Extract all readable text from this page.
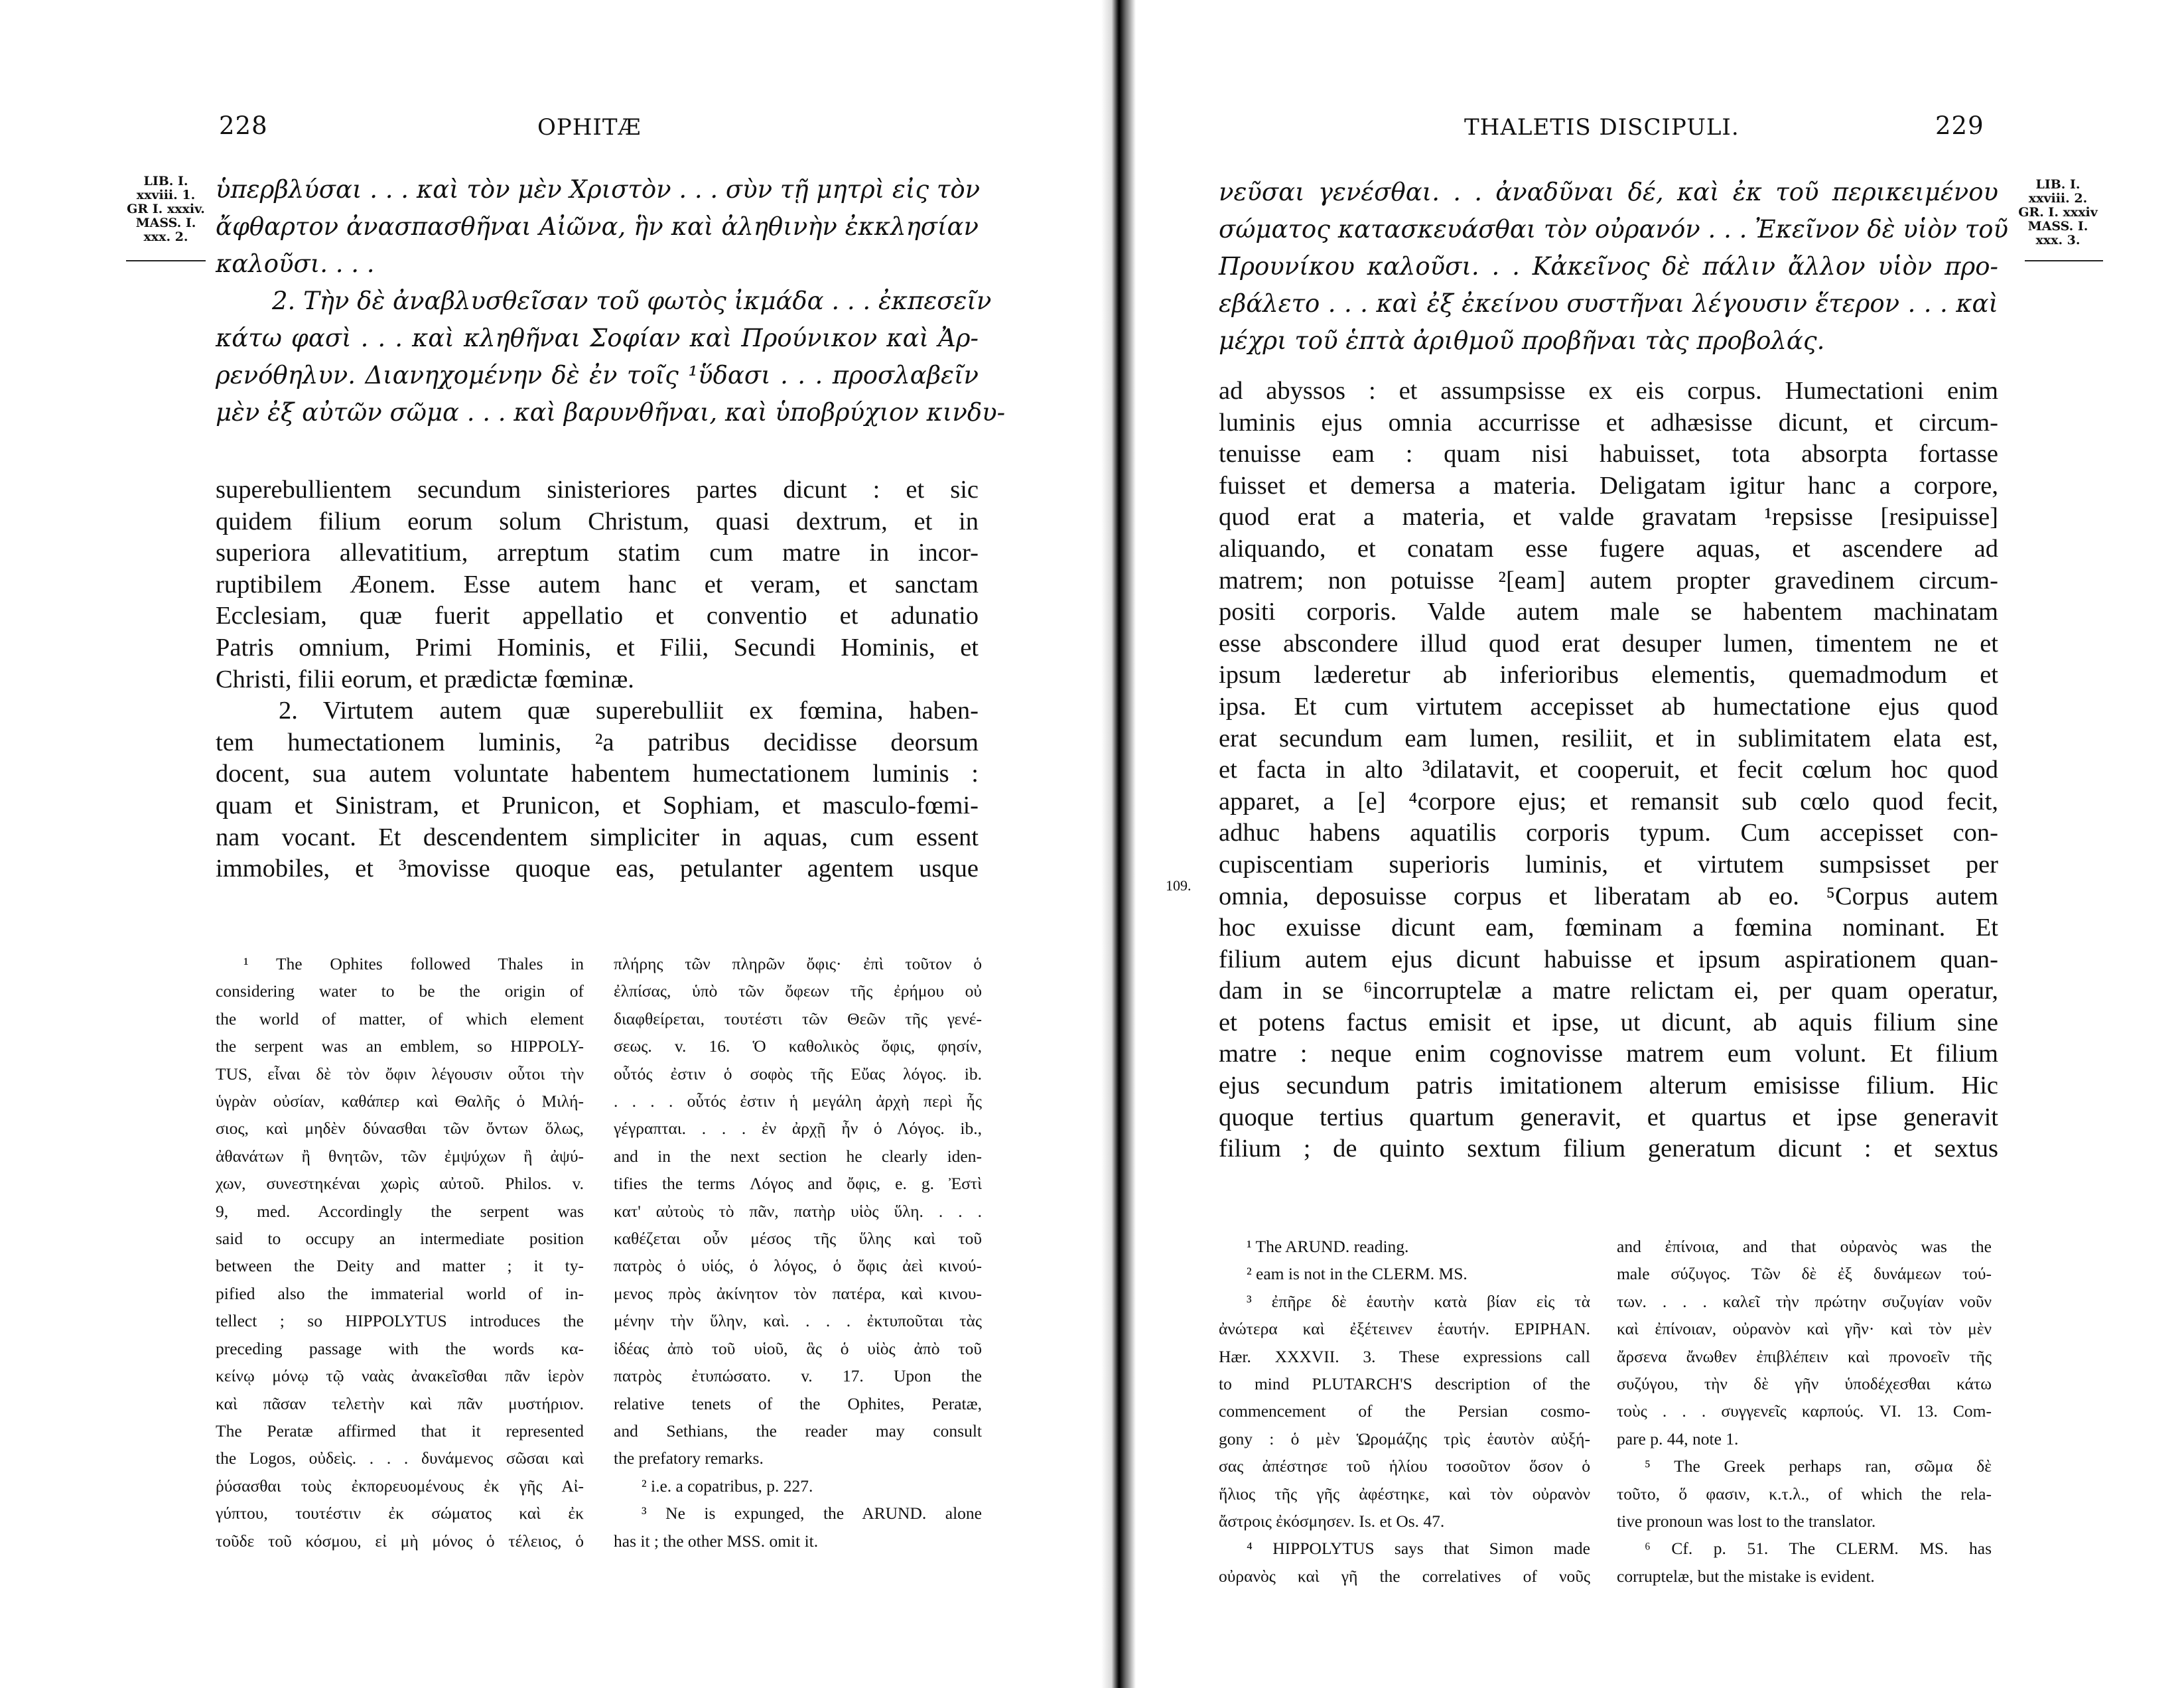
228	OPHITÆ
LIB. I.
xxviii. 1.
GR I. xxxiv.
MASS. I.
xxx. 2.
ὑπερβλύσαι . . . καὶ τὸν μὲν Χριστὸν . . . σὺν τῇ μητρὶ εἰς τὸν
ἄφθαρτον ἀνασπασθῆναι Αἰῶνα, ἣν καὶ ἀληθινὴν ἐκκλησίαν
καλοῦσι. . . .
2. Τὴν δὲ ἀναβλυσθεῖσαν τοῦ φωτὸς ἰκμάδα . . . ἐκπεσεῖν
κάτω φασὶ . . . καὶ κληθῆναι Σοφίαν καὶ Προύνικον καὶ Ἀρ-
ρενόθηλυν. Διανηχομένην δὲ ἐν τοῖς ¹ὕδασι . . . προσλαβεῖν
μὲν ἐξ αὐτῶν σῶμα . . . καὶ βαρυνθῆναι, καὶ ὑποβρύχιον κινδυ-
superebullientem secundum sinisteriores partes dicunt : et sic
quidem filium eorum solum Christum, quasi dextrum, et in
superiora allevatitium, arreptum statim cum matre in incor-
ruptibilem Æonem. Esse autem hanc et veram, et sanctam
Ecclesiam, quæ fuerit appellatio et conventio et adunatio
Patris omnium, Primi Hominis, et Filii, Secundi Hominis, et
Christi, filii eorum, et prædictæ fœminæ.
2. Virtutem autem quæ superebulliit ex fœmina, haben-
tem humectationem luminis, ²a patribus decidisse deorsum
docent, sua autem voluntate habentem humectationem luminis :
quam et Sinistram, et Prunicon, et Sophiam, et masculo-fœmi-
nam vocant. Et descendentem simpliciter in aquas, cum essent
immobiles, et ³movisse quoque eas, petulanter agentem usque
¹ The Ophites followed Thales in
considering water to be the origin of
the world of matter, of which element
the serpent was an emblem, so HIPPOLY-
TUS, εἶναι δὲ τὸν ὄφιν λέγουσιν οὗτοι τὴν
ὑγρὰν οὐσίαν, καθάπερ καὶ Θαλῆς ὁ Μιλή-
σιος, καὶ μηδὲν δύνασθαι τῶν ὄντων ὅλως,
ἀθανάτων ἢ θνητῶν, τῶν ἐμψύχων ἢ ἀψύ-
χων, συνεστηκέναι χωρὶς αὐτοῦ. Philos. v.
9, med. Accordingly the serpent was
said to occupy an intermediate position
between the Deity and matter ; it ty-
pified also the immaterial world of in-
tellect ; so HIPPOLYTUS introduces the
preceding passage with the words κα-
κείνῳ μόνῳ τῷ ναὰς ἀνακεῖσθαι πᾶν ἱερὸν
καὶ πᾶσαν τελετὴν καὶ πᾶν μυστήριον.
The Peratæ affirmed that it represented
the Logos, οὐδεὶς. . . . δυνάμενος σῶσαι καὶ
ῥύσασθαι τοὺς ἐκπορευομένους ἐκ γῆς Αἰ-
γύπτου, τουτέστιν ἐκ σώματος καὶ ἐκ
τοῦδε τοῦ κόσμου, εἰ μὴ μόνος ὁ τέλειος, ὁ
πλήρης τῶν πληρῶν ὄφις· ἐπὶ τοῦτον ὁ
ἐλπίσας, ὑπὸ τῶν ὄφεων τῆς ἐρήμου οὐ
διαφθείρεται, τουτέστι τῶν Θεῶν τῆς γενέ-
σεως. v. 16. Ὁ καθολικὸς ὄφις, φησίν,
οὗτός ἐστιν ὁ σοφὸς τῆς Εὔας λόγος. ib.
. . . . οὗτός ἐστιν ἡ μεγάλη ἀρχὴ περὶ ἧς
γέγραπται. . . . ἐν ἀρχῇ ἦν ὁ Λόγος. ib.,
and in the next section he clearly iden-
tifies the terms Λόγος and ὄφις, e. g. Ἐστὶ
κατ' αὐτοὺς τὸ πᾶν, πατὴρ υἱὸς ὕλη. . . .
καθέζεται οὖν μέσος τῆς ὕλης καὶ τοῦ
πατρὸς ὁ υἱός, ὁ λόγος, ὁ ὄφις ἀεὶ κινού-
μενος πρὸς ἀκίνητον τὸν πατέρα, καὶ κινου-
μένην τὴν ὕλην, καὶ. . . . ἐκτυποῦται τὰς
ἰδέας ἀπὸ τοῦ υἱοῦ, ἃς ὁ υἱὸς ἀπὸ τοῦ
πατρὸς ἐτυπώσατο. v. 17. Upon the
relative tenets of the Ophites, Peratæ,
and Sethians, the reader may consult
the prefatory remarks.
² i.e. a copatribus, p. 227.
³ Ne is expunged, the ARUND. alone
has it ; the other MSS. omit it.
THALETIS DISCIPULI.	229
LIB. I.
xxviii. 2.
GR. I. xxxiv
MASS. I.
xxx. 3.
νεῦσαι γενέσθαι. . . ἀναδῦναι δέ, καὶ ἐκ τοῦ περικειμένου
σώματος κατασκευάσθαι τὸν οὐρανόν . . . Ἐκεῖνον δὲ υἱὸν τοῦ
Προυνίκου καλοῦσι. . . Κἀκεῖνος δὲ πάλιν ἄλλον υἱὸν προ-
εβάλετο . . . καὶ ἐξ ἐκείνου συστῆναι λέγουσιν ἕτερον . . . καὶ
μέχρι τοῦ ἑπτὰ ἀριθμοῦ προβῆναι τὰς προβολάς.
109.
ad abyssos : et assumpsisse ex eis corpus. Humectationi enim
luminis ejus omnia accurrisse et adhæsisse dicunt, et circum-
tenuisse eam : quam nisi habuisset, tota absorpta fortasse
fuisset et demersa a materia. Deligatam igitur hanc a corpore,
quod erat a materia, et valde gravatam ¹repsisse [resipuisse]
aliquando, et conatam esse fugere aquas, et ascendere ad
matrem; non potuisse ²[eam] autem propter gravedinem circum-
positi corporis. Valde autem male se habentem machinatam
esse abscondere illud quod erat desuper lumen, timentem ne et
ipsum læderetur ab inferioribus elementis, quemadmodum et
ipsa. Et cum virtutem accepisset ab humectatione ejus quod
erat secundum eam lumen, resiliit, et in sublimitatem elata est,
et facta in alto ³dilatavit, et cooperuit, et fecit cœlum hoc quod
apparet, a [e] ⁴corpore ejus; et remansit sub cœlo quod fecit,
adhuc habens aquatilis corporis typum. Cum accepisset con-
cupiscentiam superioris luminis, et virtutem sumpsisset per
omnia, deposuisse corpus et liberatam ab eo. ⁵Corpus autem
hoc exuisse dicunt eam, fœminam a fœmina nominant. Et
filium autem ejus dicunt habuisse et ipsum aspirationem quan-
dam in se ⁶incorruptelæ a matre relictam ei, per quam operatur,
et potens factus emisit et ipse, ut dicunt, ab aquis filium sine
matre : neque enim cognovisse matrem eum volunt. Et filium
ejus secundum patris imitationem alterum emisisse filium. Hic
quoque tertius quartum generavit, et quartus et ipse generavit
filium ; de quinto sextum filium generatum dicunt : et sextus
¹ The ARUND. reading.
² eam is not in the CLERM. MS.
³ ἐπῆρε δὲ ἑαυτὴν κατὰ βίαν εἰς τὰ
ἀνώτερα καὶ ἐξέτεινεν ἑαυτήν. EPIPHAN.
Hær. XXXVII. 3. These expressions call
to mind PLUTARCH'S description of the
commencement of the Persian cosmo-
gony : ὁ μὲν Ὡρομάζης τρὶς ἑαυτὸν αὐξή-
σας ἀπέστησε τοῦ ἡλίου τοσοῦτον ὅσον ὁ
ἥλιος τῆς γῆς ἀφέστηκε, καὶ τὸν οὐρανὸν
ἄστροις ἐκόσμησεν. Is. et Os. 47.
⁴ HIPPOLYTUS says that Simon made
οὐρανὸς καὶ γῆ the correlatives of νοῦς
and ἐπίνοια, and that οὐρανὸς was the
male σύζυγος. Τῶν δὲ ἐξ δυνάμεων τού-
των. . . . καλεῖ τὴν πρώτην συζυγίαν νοῦν
καὶ ἐπίνοιαν, οὐρανὸν καὶ γῆν· καὶ τὸν μὲν
ἄρσενα ἄνωθεν ἐπιβλέπειν καὶ προνοεῖν τῆς
συζύγου, τὴν δὲ γῆν ὑποδέχεσθαι κάτω
τοὺς . . . συγγενεῖς καρπούς. VI. 13. Com-
pare p. 44, note 1.
⁵ The Greek perhaps ran, σῶμα δὲ
τοῦτο, ὅ φασιν, κ.τ.λ., of which the rela-
tive pronoun was lost to the translator.
⁶ Cf. p. 51. The CLERM. MS. has
corruptelæ, but the mistake is evident.
